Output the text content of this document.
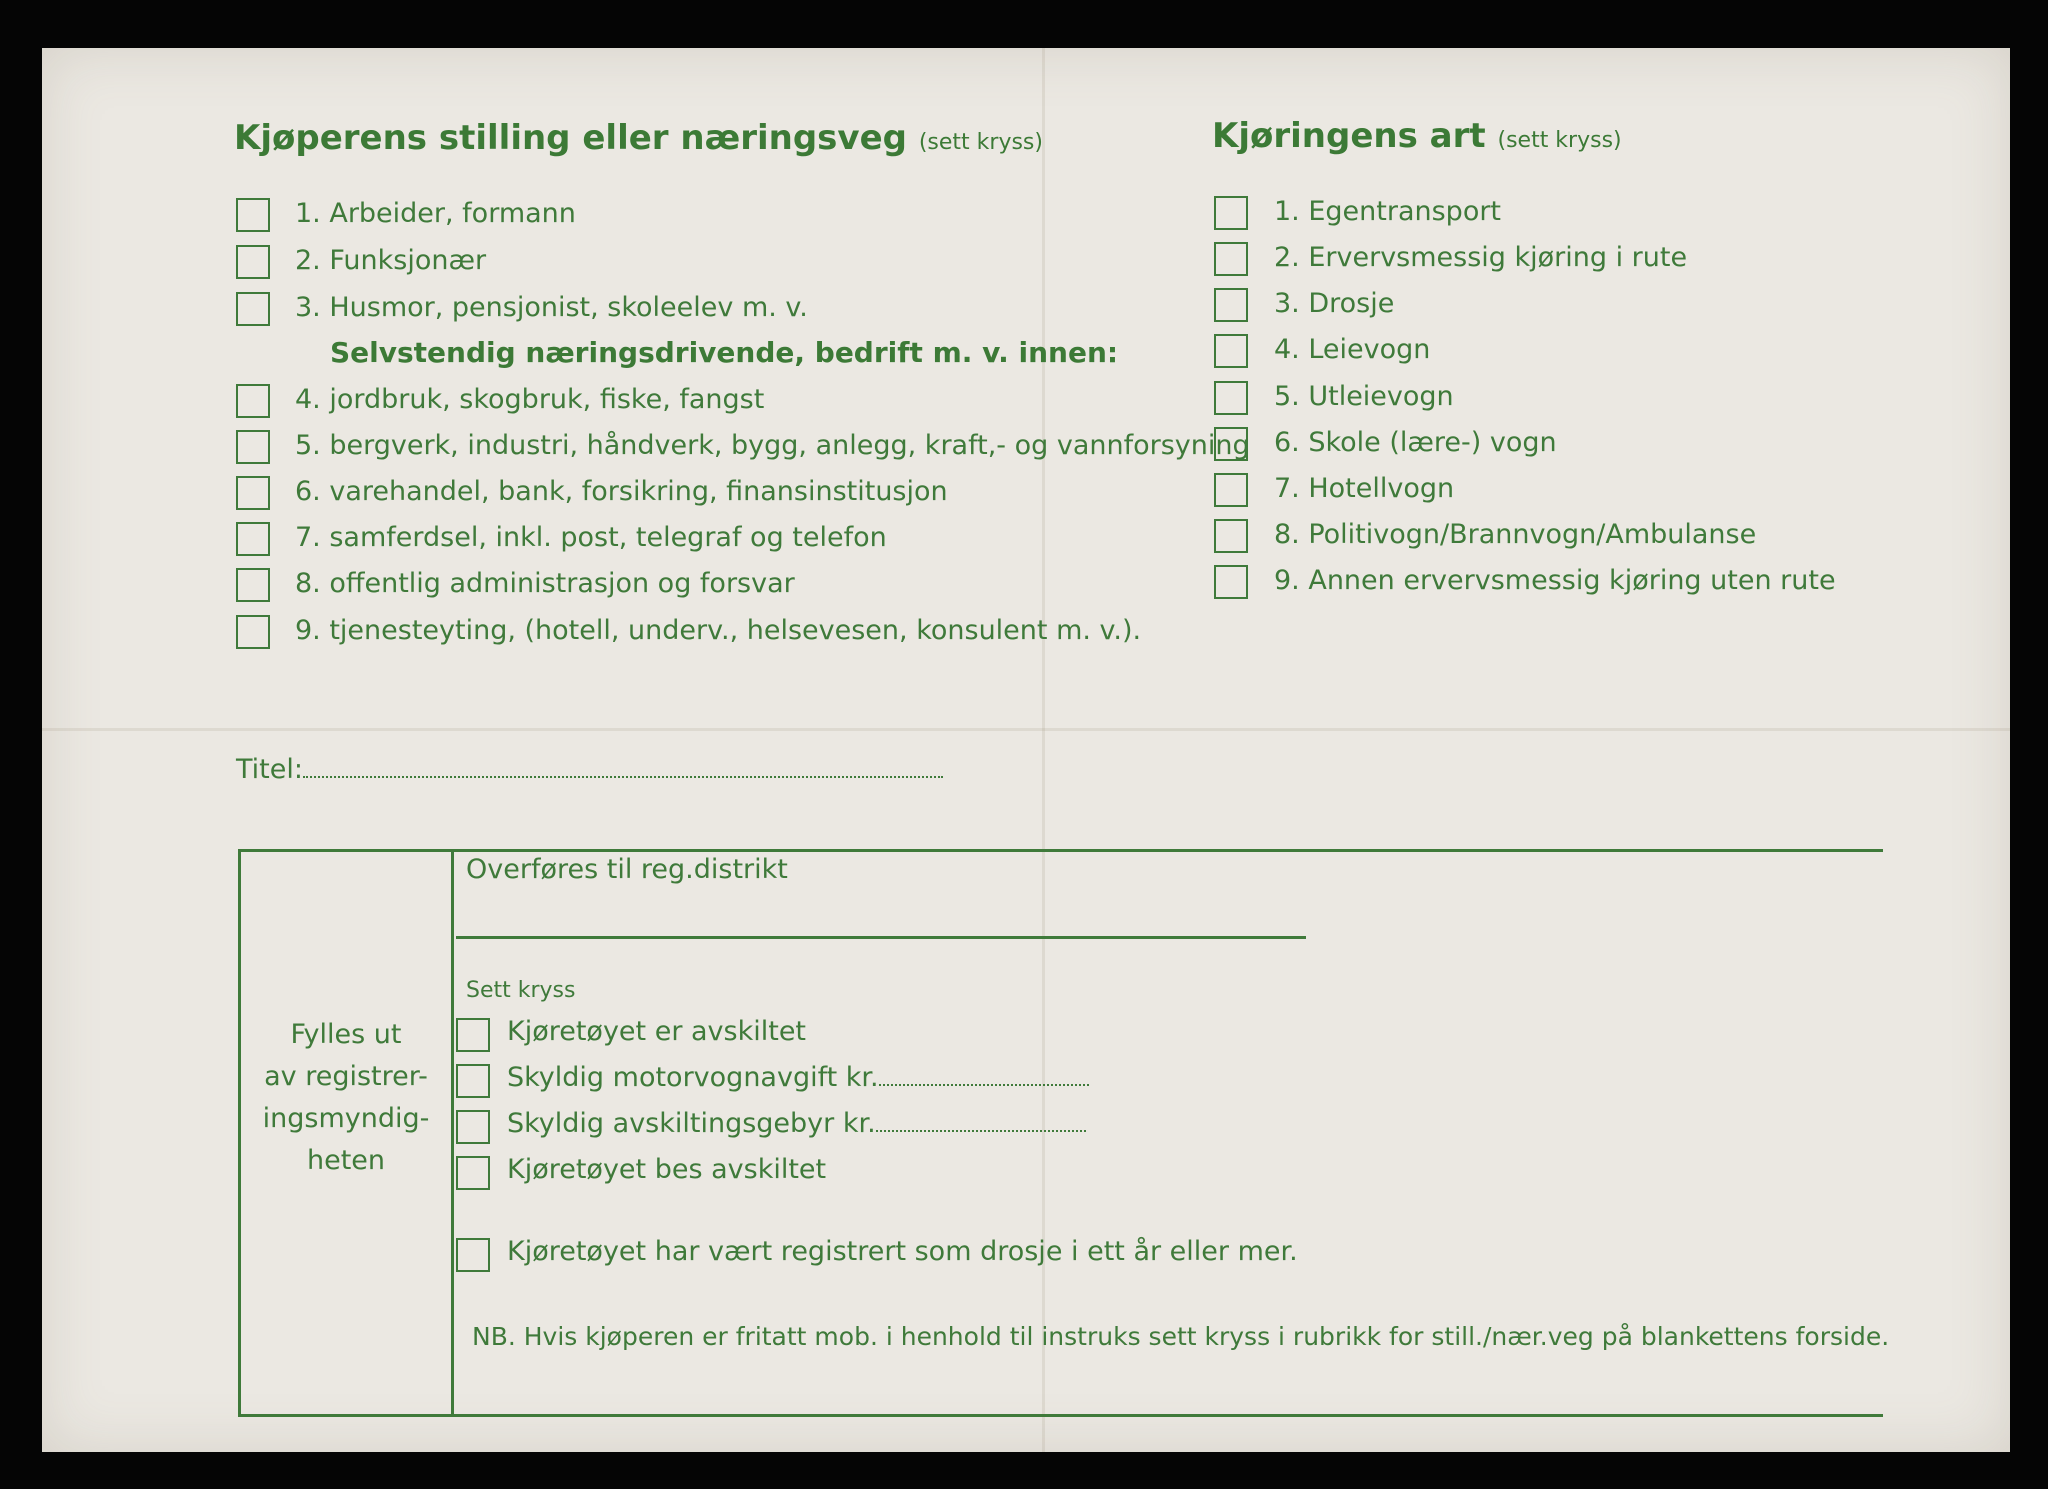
Kjøperens stilling eller næringsveg (sett kryss)
1. Arbeider, formann
2. Funksjonær
3. Husmor, pensjonist, skoleelev m. v.
Selvstendig næringsdrivende, bedrift m. v. innen:
4. jordbruk, skogbruk, fiske, fangst
5. bergverk, industri, håndverk, bygg, anlegg, kraft,- og vannforsyning
6. varehandel, bank, forsikring, finansinstitusjon
7. samferdsel, inkl. post, telegraf og telefon
8. offentlig administrasjon og forsvar
9. tjenesteyting, (hotell, underv., helsevesen, konsulent m. v.).
Kjøringens art (sett kryss)
1. Egentransport
2. Ervervsmessig kjøring i rute
3. Drosje
4. Leievogn
5. Utleievogn
6. Skole (lære-) vogn
7. Hotellvogn
8. Politivogn/Brannvogn/Ambulanse
9. Annen ervervsmessig kjøring uten rute
Titel:
Fylles ut
av registrer-
ingsmyndig-
heten
Overføres til reg.distrikt
Sett kryss
Kjøretøyet er avskiltet
Skyldig motorvognavgift kr.
Skyldig avskiltingsgebyr kr.
Kjøretøyet bes avskiltet
Kjøretøyet har vært registrert som drosje i ett år eller mer.
NB. Hvis kjøperen er fritatt mob. i henhold til instruks sett kryss i rubrikk for still./nær.veg på blankettens forside.
